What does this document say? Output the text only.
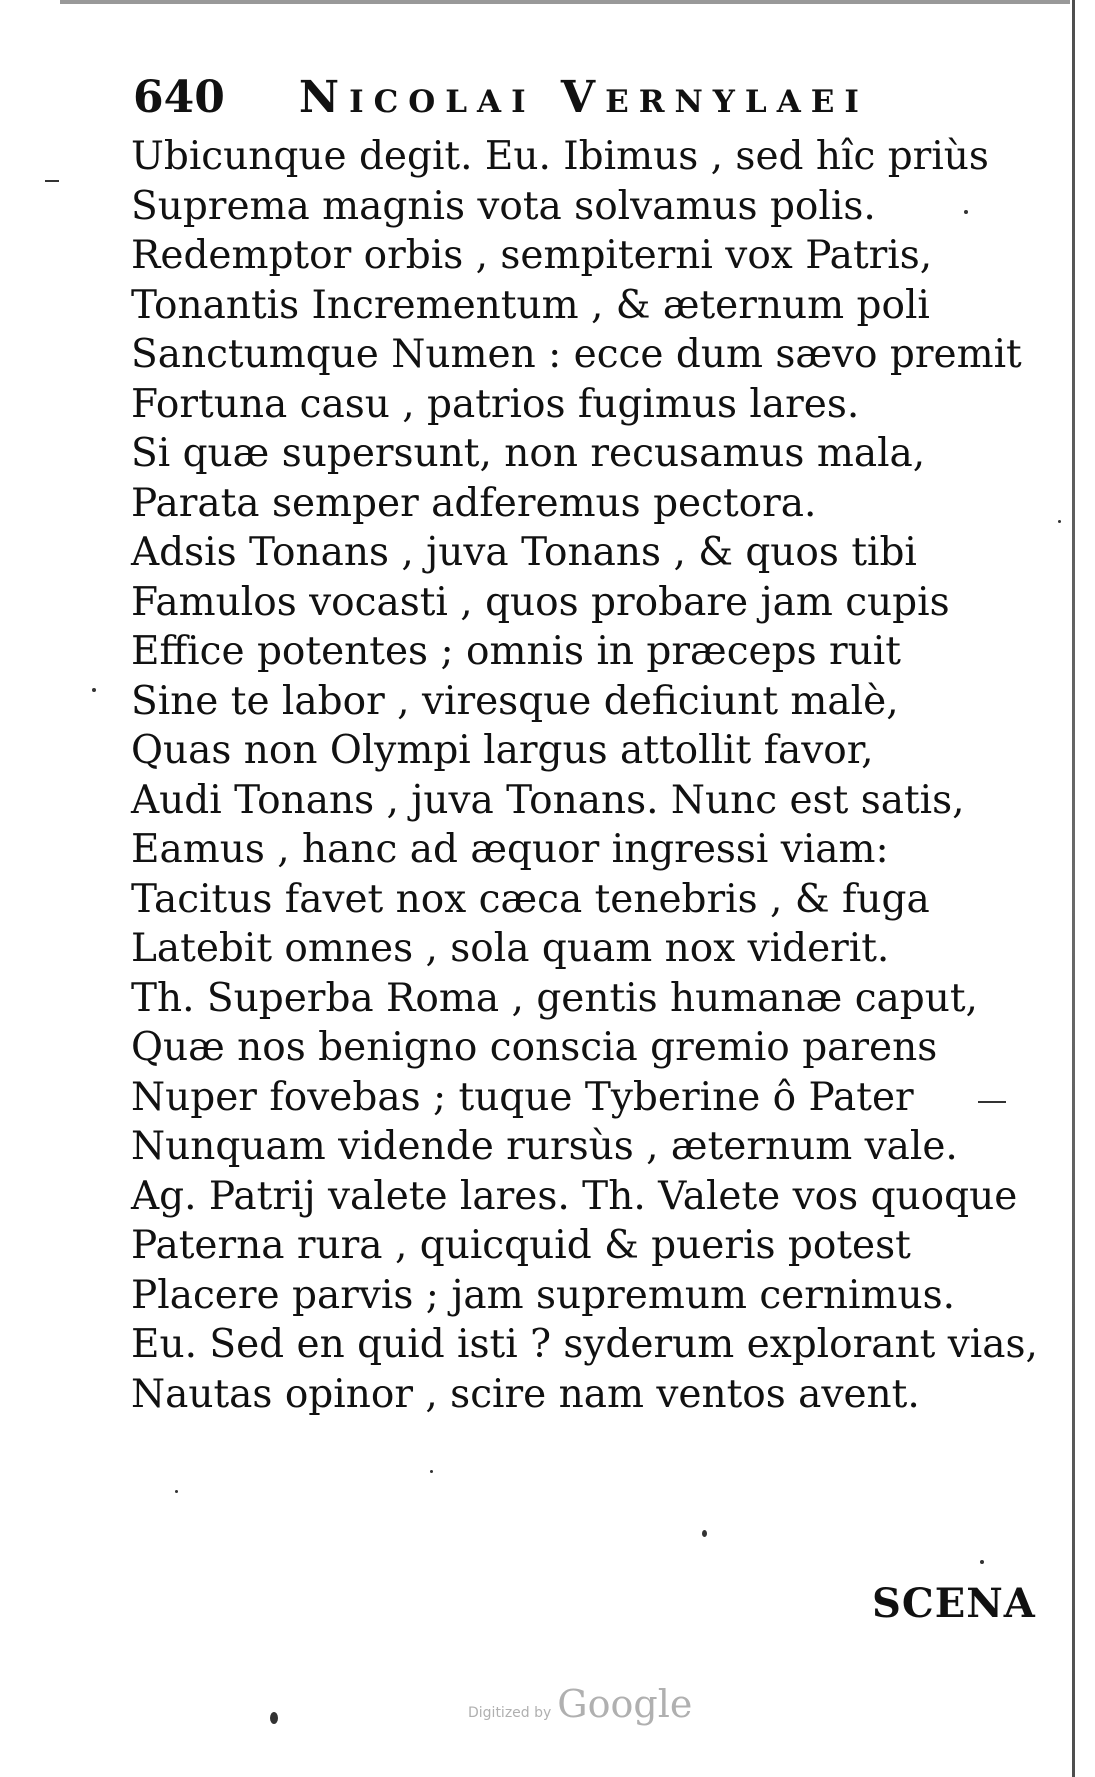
640 Nicolai Vernylaei
Ubicunque degit. Eu. Ibimus , sed hîc priùs
Suprema magnis vota solvamus polis.
Redemptor orbis , sempiterni vox Patris,
Tonantis Incrementum , & æternum poli
Sanctumque Numen : ecce dum sævo premit
Fortuna casu , patrios fugimus lares.
Si quæ supersunt, non recusamus mala,
Parata semper adferemus pectora.
Adsis Tonans , juva Tonans , & quos tibi
Famulos vocasti , quos probare jam cupis
Effice potentes ; omnis in præceps ruit
Sine te labor , viresque deficiunt malè,
Quas non Olympi largus attollit favor,
Audi Tonans , juva Tonans. Nunc est satis,
Eamus , hanc ad æquor ingressi viam:
Tacitus favet nox cæca tenebris , & fuga
Latebit omnes , sola quam nox viderit.
Th. Superba Roma , gentis humanæ caput,
Quæ nos benigno conscia gremio parens
Nuper fovebas ; tuque Tyberine ô Pater
Nunquam vidende rursùs , æternum vale.
Ag. Patrij valete lares. Th. Valete vos quoque
Paterna rura , quicquid & pueris potest
Placere parvis ; jam supremum cernimus.
Eu. Sed en quid isti ? syderum explorant vias,
Nautas opinor , scire nam ventos avent.
SCENA
Digitized by Google
